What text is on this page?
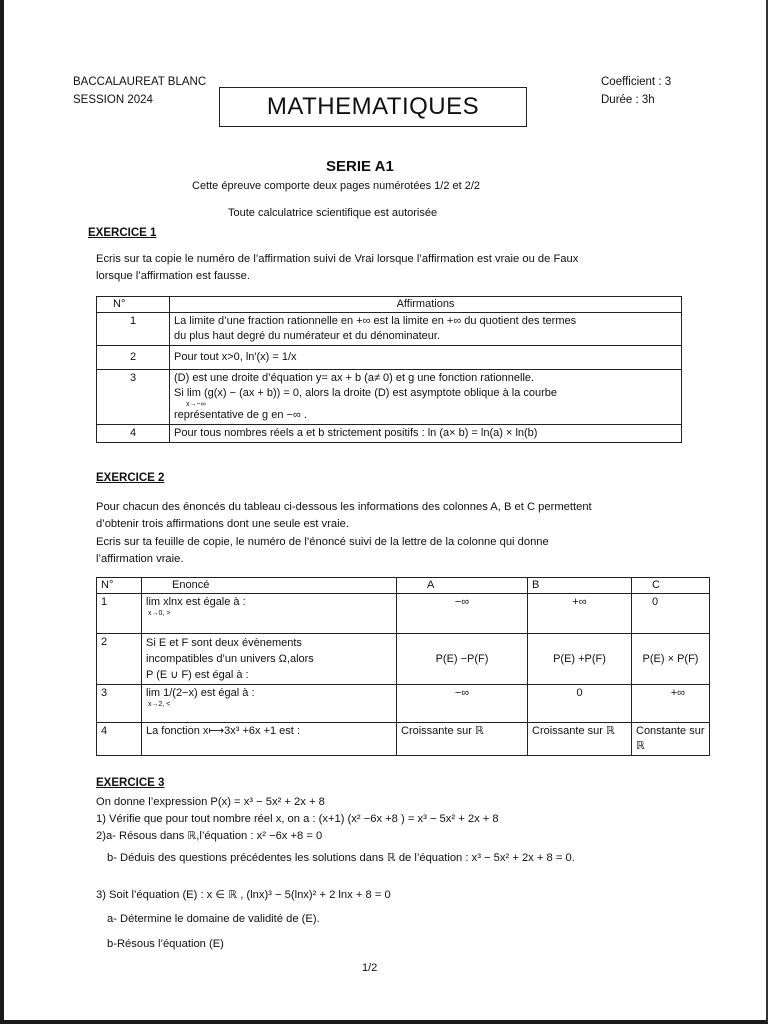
BACCALAUREAT BLANC
SESSION 2024	MATHEMATIQUES
Coefficient : 3
Durée : 3h
SERIE A1
Cette épreuve comporte deux pages numérotées 1/2 et 2/2
Toute calculatrice scientifique est autorisée
EXERCICE 1
Ecris sur ta copie le numéro de l’affirmation suivi de Vrai lorsque l’affirmation est vraie ou de Faux
lorsque l’affirmation est fausse.
N°	Affirmations
1	La limite d’une fraction rationnelle en +∞ est la limite en +∞ du quotient des termes
du plus haut degré du numérateur et du dénominateur.

2	Pour tout x>0, ln′(x) = 1/x
3	(D) est une droite d’équation y= ax + b (a≠ 0) et g une fonction rationnelle.
Si lim (g(x) − (ax + b)) = 0, alors la droite (D) est asymptote oblique à la courbe
x→−∞
représentative de g en −∞ .

4	Pour tous nombres réels a et b strictement positifs : ln (a× b) = ln(a) × ln(b)
EXERCICE 2
Pour chacun des énoncés du tableau ci-dessous les informations des colonnes A, B et C permettent
d’obtenir trois affirmations dont une seule est vraie.
Ecris sur ta feuille de copie, le numéro de l’énoncé suivi de la lettre de la colonne qui donne
l’affirmation vraie.
N°	Enoncé	A	B	C
1	lim xlnx est égale à :
x→0, >	−∞	+∞	0
2	Si E et F sont deux évènements
incompatibles d’un univers Ω,alors
P (E ∪ F) est égal à :	P(E) −P(F)	P(E) +P(F)	P(E) × P(F)
3	lim 1/(2−x) est égal à :
x→2, <	−∞	0	+∞
4	La fonction x⟼3x³ +6x +1 est :	Croissante sur ℝ	Croissante sur ℝ	Constante sur ℝ
EXERCICE 3
On donne l’expression P(x) = x³ − 5x² + 2x + 8
1) Vérifie que pour tout nombre réel x, on a : (x+1) (x² −6x +8 ) = x³ − 5x² + 2x + 8
2)a- Résous dans ℝ,l’équation : x² −6x +8 = 0
b- Déduis des questions précédentes les solutions dans ℝ de l’équation : x³ − 5x² + 2x + 8 = 0.
3) Soit l’équation (E) : x ∈ ℝ , (lnx)³ − 5(lnx)² + 2 lnx + 8 = 0
a- Détermine le domaine de validité de (E).
b-Résous l’équation (E)
1/2
